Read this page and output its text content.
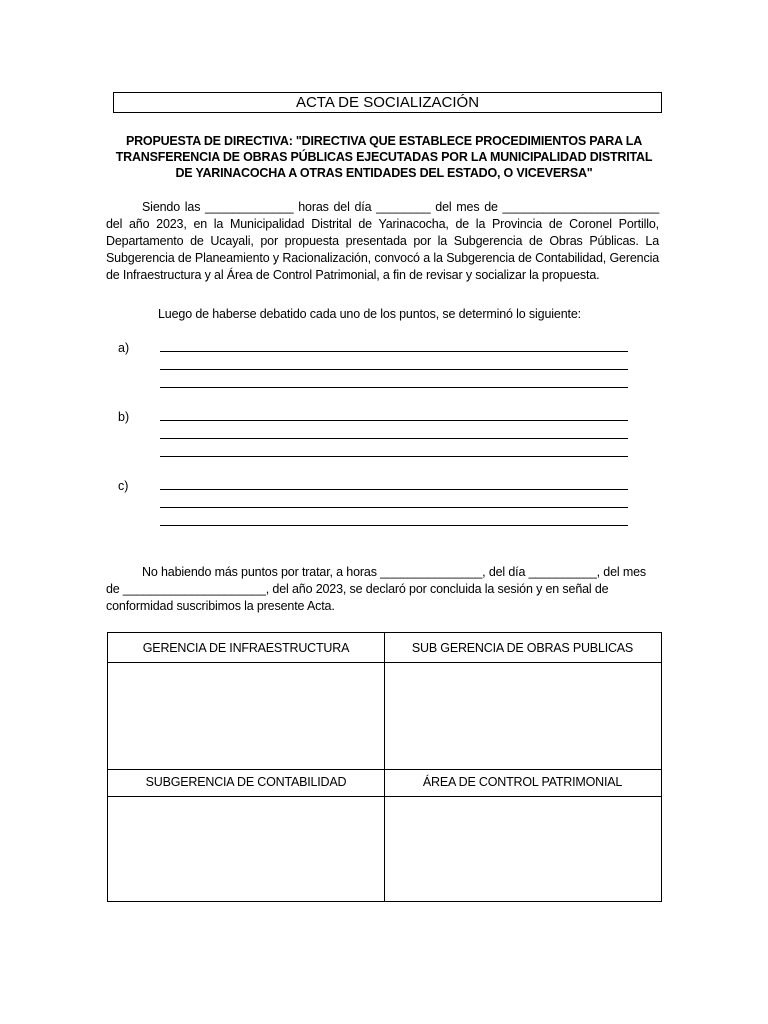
ACTA DE SOCIALIZACIÓN
PROPUESTA DE DIRECTIVA: "DIRECTIVA QUE ESTABLECE PROCEDIMIENTOS PARA LA TRANSFERENCIA DE OBRAS PÚBLICAS EJECUTADAS POR LA MUNICIPALIDAD DISTRITAL DE YARINACOCHA A OTRAS ENTIDADES DEL ESTADO, O VICEVERSA"
Siendo las _____________ horas del día ________ del mes de _______________________ del año 2023, en la Municipalidad Distrital de Yarinacocha, de la Provincia de Coronel Portillo, Departamento de Ucayali, por propuesta presentada por la Subgerencia de Obras Públicas. La Subgerencia de Planeamiento y Racionalización, convocó a la Subgerencia de Contabilidad, Gerencia de Infraestructura y al Área de Control Patrimonial, a fin de revisar y socializar la propuesta.
Luego de haberse debatido cada uno de los puntos, se determinó lo siguiente:
a)
b)
c)
No habiendo más puntos por tratar, a horas _______________, del día __________, del mes de _____________________, del año 2023, se declaró por concluida la sesión y en señal de conformidad suscribimos la presente Acta.
GERENCIA DE INFRAESTRUCTURA	SUB GERENCIA DE OBRAS PUBLICAS
SUBGERENCIA DE CONTABILIDAD	ÁREA DE CONTROL PATRIMONIAL
